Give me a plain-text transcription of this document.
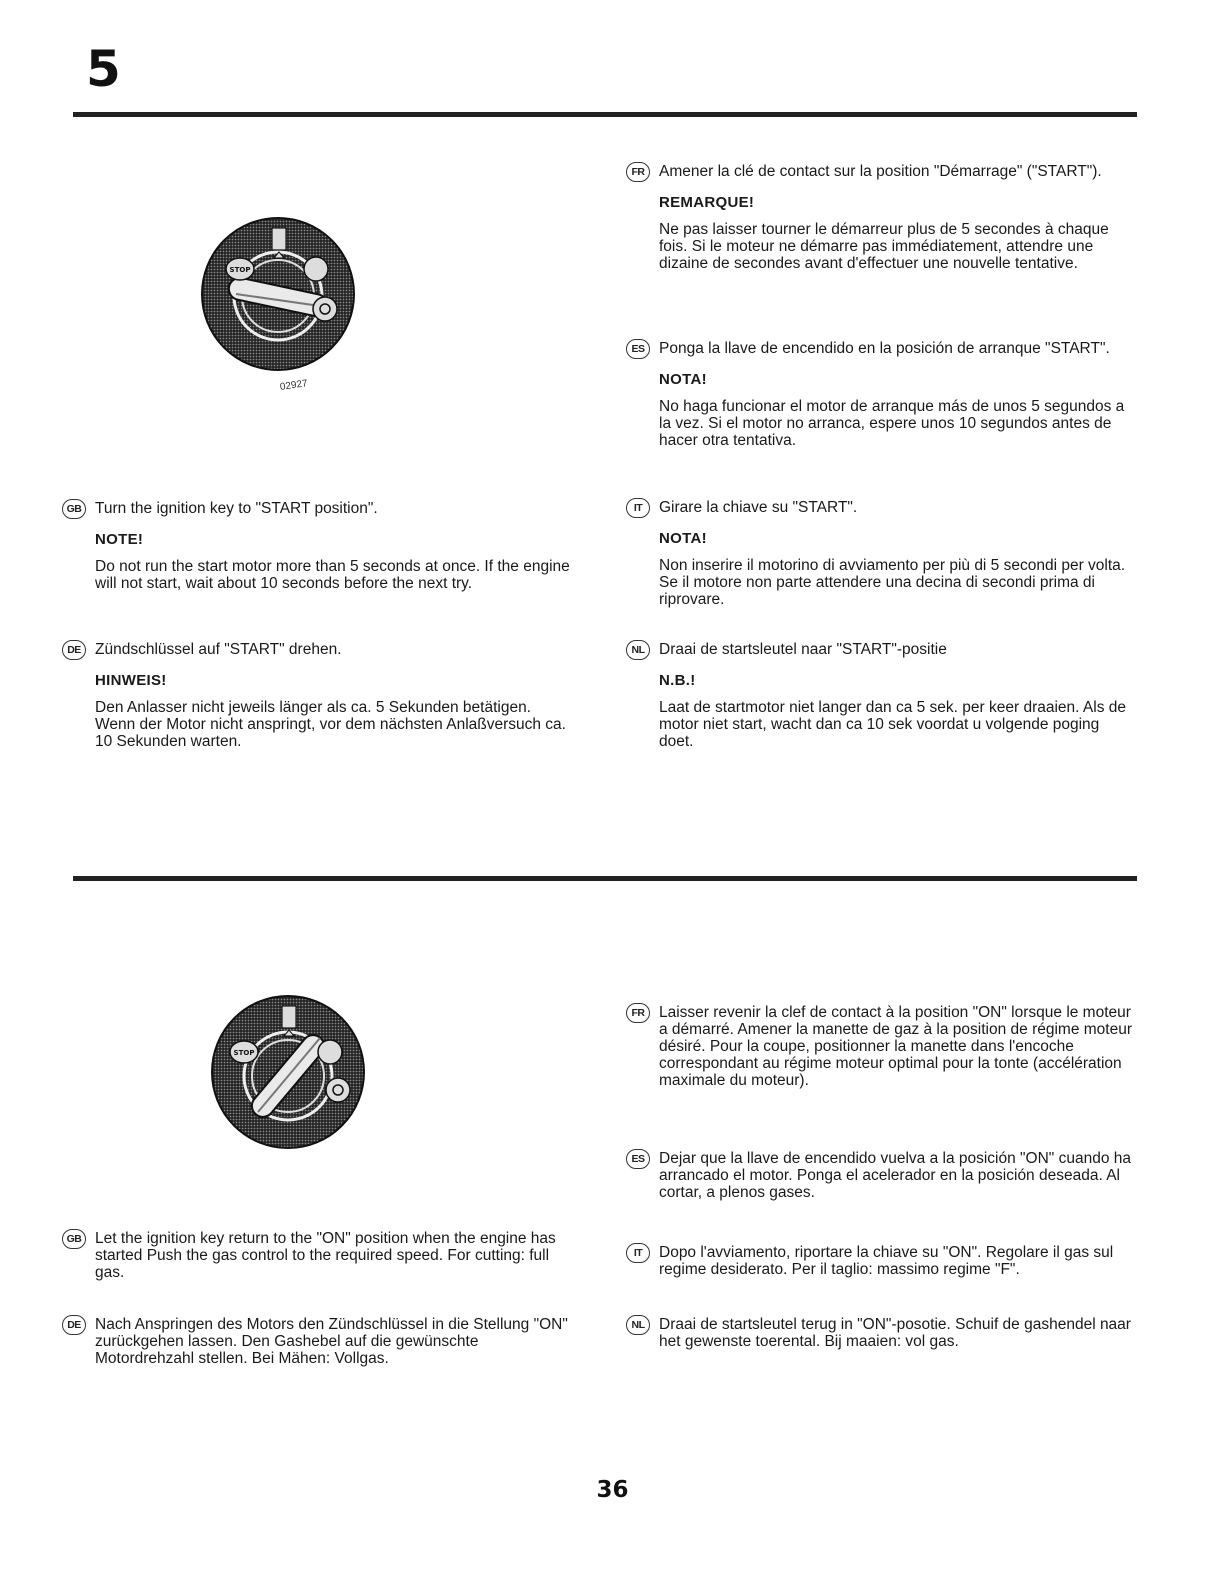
5
STOP
02927
GB Turn the ignition key to "START position".
NOTE!
Do not run the start motor more than 5 seconds at once. If the engine will not start, wait about 10 seconds before the next try.
DE Zündschlüssel auf "START" drehen.
HINWEIS!
Den Anlasser nicht jeweils länger als ca. 5 Sekunden betätigen. Wenn der Motor nicht anspringt, vor dem nächsten Anlaßversuch ca. 10 Sekunden warten.
FR Amener la clé de contact sur la position "Démarrage" ("START").
REMARQUE!
Ne pas laisser tourner le démarreur plus de 5 secondes à chaque fois. Si le moteur ne démarre pas immédiatement, attendre une dizaine de secondes avant d'effectuer une nouvelle tentative.
ES Ponga la llave de encendido en la posición de arranque "START".
NOTA!
No haga funcionar el motor de arranque más de unos 5 segundos a la vez. Si el motor no arranca, espere unos 10 segundos antes de hacer otra tentativa.
IT	Girare la chiave su "START".
NOTA!
Non inserire il motorino di avviamento per più di 5 secondi per volta. Se il motore non parte attendere una decina di secondi prima di riprovare.
NL Draai de startsleutel naar "START"-positie
N.B.!
Laat de startmotor niet langer dan ca 5 sek. per keer draaien. Als de motor niet start, wacht dan ca 10 sek voordat u volgende poging doet.
STOP
GB Let the ignition key return to the "ON" position when the engine has started Push the gas control to the required speed. For cutting: full gas.
DE Nach Anspringen des Motors den Zündschlüssel in die Stellung "ON" zurückgehen lassen. Den Gashebel auf die gewünschte Motordrehzahl stellen. Bei Mähen: Vollgas.
FR Laisser revenir la clef de contact à la position "ON" lorsque le moteur a démarré. Amener la manette de gaz à la position de régime moteur désiré. Pour la coupe, positionner la manette dans l'encoche correspondant au régime moteur optimal pour la tonte (accélération maximale du moteur).
ES Dejar que la llave de encendido vuelva a la posición "ON" cuando ha arrancado el motor. Ponga el acelerador en la posición deseada. Al cortar, a plenos gases.
IT	Dopo l'avviamento, riportare la chiave su "ON". Regolare il gas sul regime desiderato. Per il taglio: massimo regime "F".
NL Draai de startsleutel terug in "ON"-posotie. Schuif de gashendel naar het gewenste toerental. Bij maaien: vol gas.
36
